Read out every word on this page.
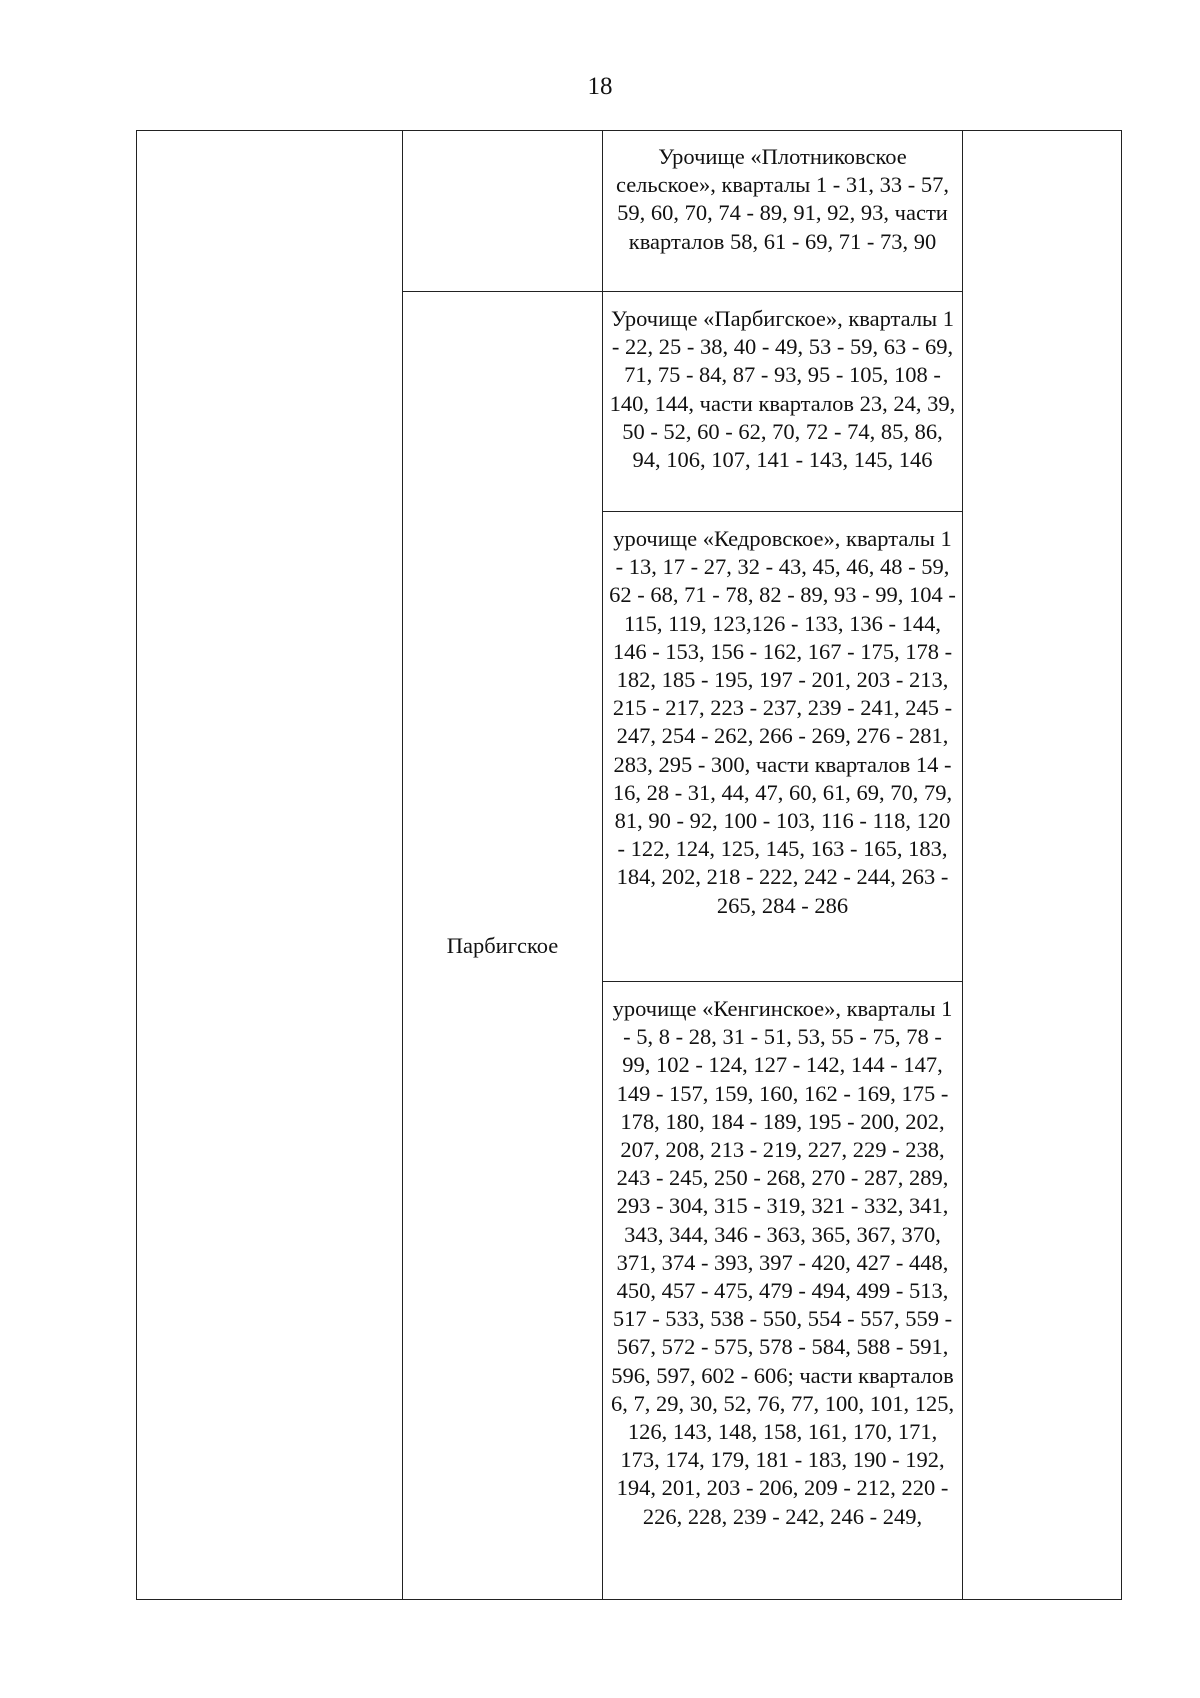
18

		Урочище «Плотниковское сельское», кварталы 1 - 31, 33 - 57, 59, 60, 70, 74 - 89, 91, 92, 93, части кварталов 58, 61 - 69, 71 - 73, 90	

	Парбигское	Урочище «Парбигское», кварталы 1 - 22, 25 - 38, 40 - 49, 53 - 59, 63 - 69, 71, 75 - 84, 87 - 93, 95 - 105, 108 - 140, 144, части кварталов 23, 24, 39, 50 - 52, 60 - 62, 70, 72 - 74, 85, 86, 94, 106, 107, 141 - 143, 145, 146	

		урочище «Кедровское», кварталы 1 - 13, 17 - 27, 32 - 43, 45, 46, 48 - 59, 62 - 68, 71 - 78, 82 - 89, 93 - 99, 104 - 115, 119, 123,126 - 133, 136 - 144, 146 - 153, 156 - 162, 167 - 175, 178 - 182, 185 - 195, 197 - 201, 203 - 213, 215 - 217, 223 - 237, 239 - 241, 245 - 247, 254 - 262, 266 - 269, 276 - 281, 283, 295 - 300, части кварталов 14 - 16, 28 - 31, 44, 47, 60, 61, 69, 70, 79, 81, 90 - 92, 100 - 103, 116 - 118, 120 - 122, 124, 125, 145, 163 - 165, 183, 184, 202, 218 - 222, 242 - 244, 263 - 265, 284 - 286	

		урочище «Кенгинское», кварталы 1 - 5, 8 - 28, 31 - 51, 53, 55 - 75, 78 - 99, 102 - 124, 127 - 142, 144 - 147, 149 - 157, 159, 160, 162 - 169, 175 - 178, 180, 184 - 189, 195 - 200, 202, 207, 208, 213 - 219, 227, 229 - 238, 243 - 245, 250 - 268, 270 - 287, 289, 293 - 304, 315 - 319, 321 - 332, 341, 343, 344, 346 - 363, 365, 367, 370, 371, 374 - 393, 397 - 420, 427 - 448, 450, 457 - 475, 479 - 494, 499 - 513, 517 - 533, 538 - 550, 554 - 557, 559 - 567, 572 - 575, 578 - 584, 588 - 591, 596, 597, 602 - 606; части кварталов 6, 7, 29, 30, 52, 76, 77, 100, 101, 125, 126, 143, 148, 158, 161, 170, 171, 173, 174, 179, 181 - 183, 190 - 192, 194, 201, 203 - 206, 209 - 212, 220 - 226, 228, 239 - 242, 246 - 249,	
